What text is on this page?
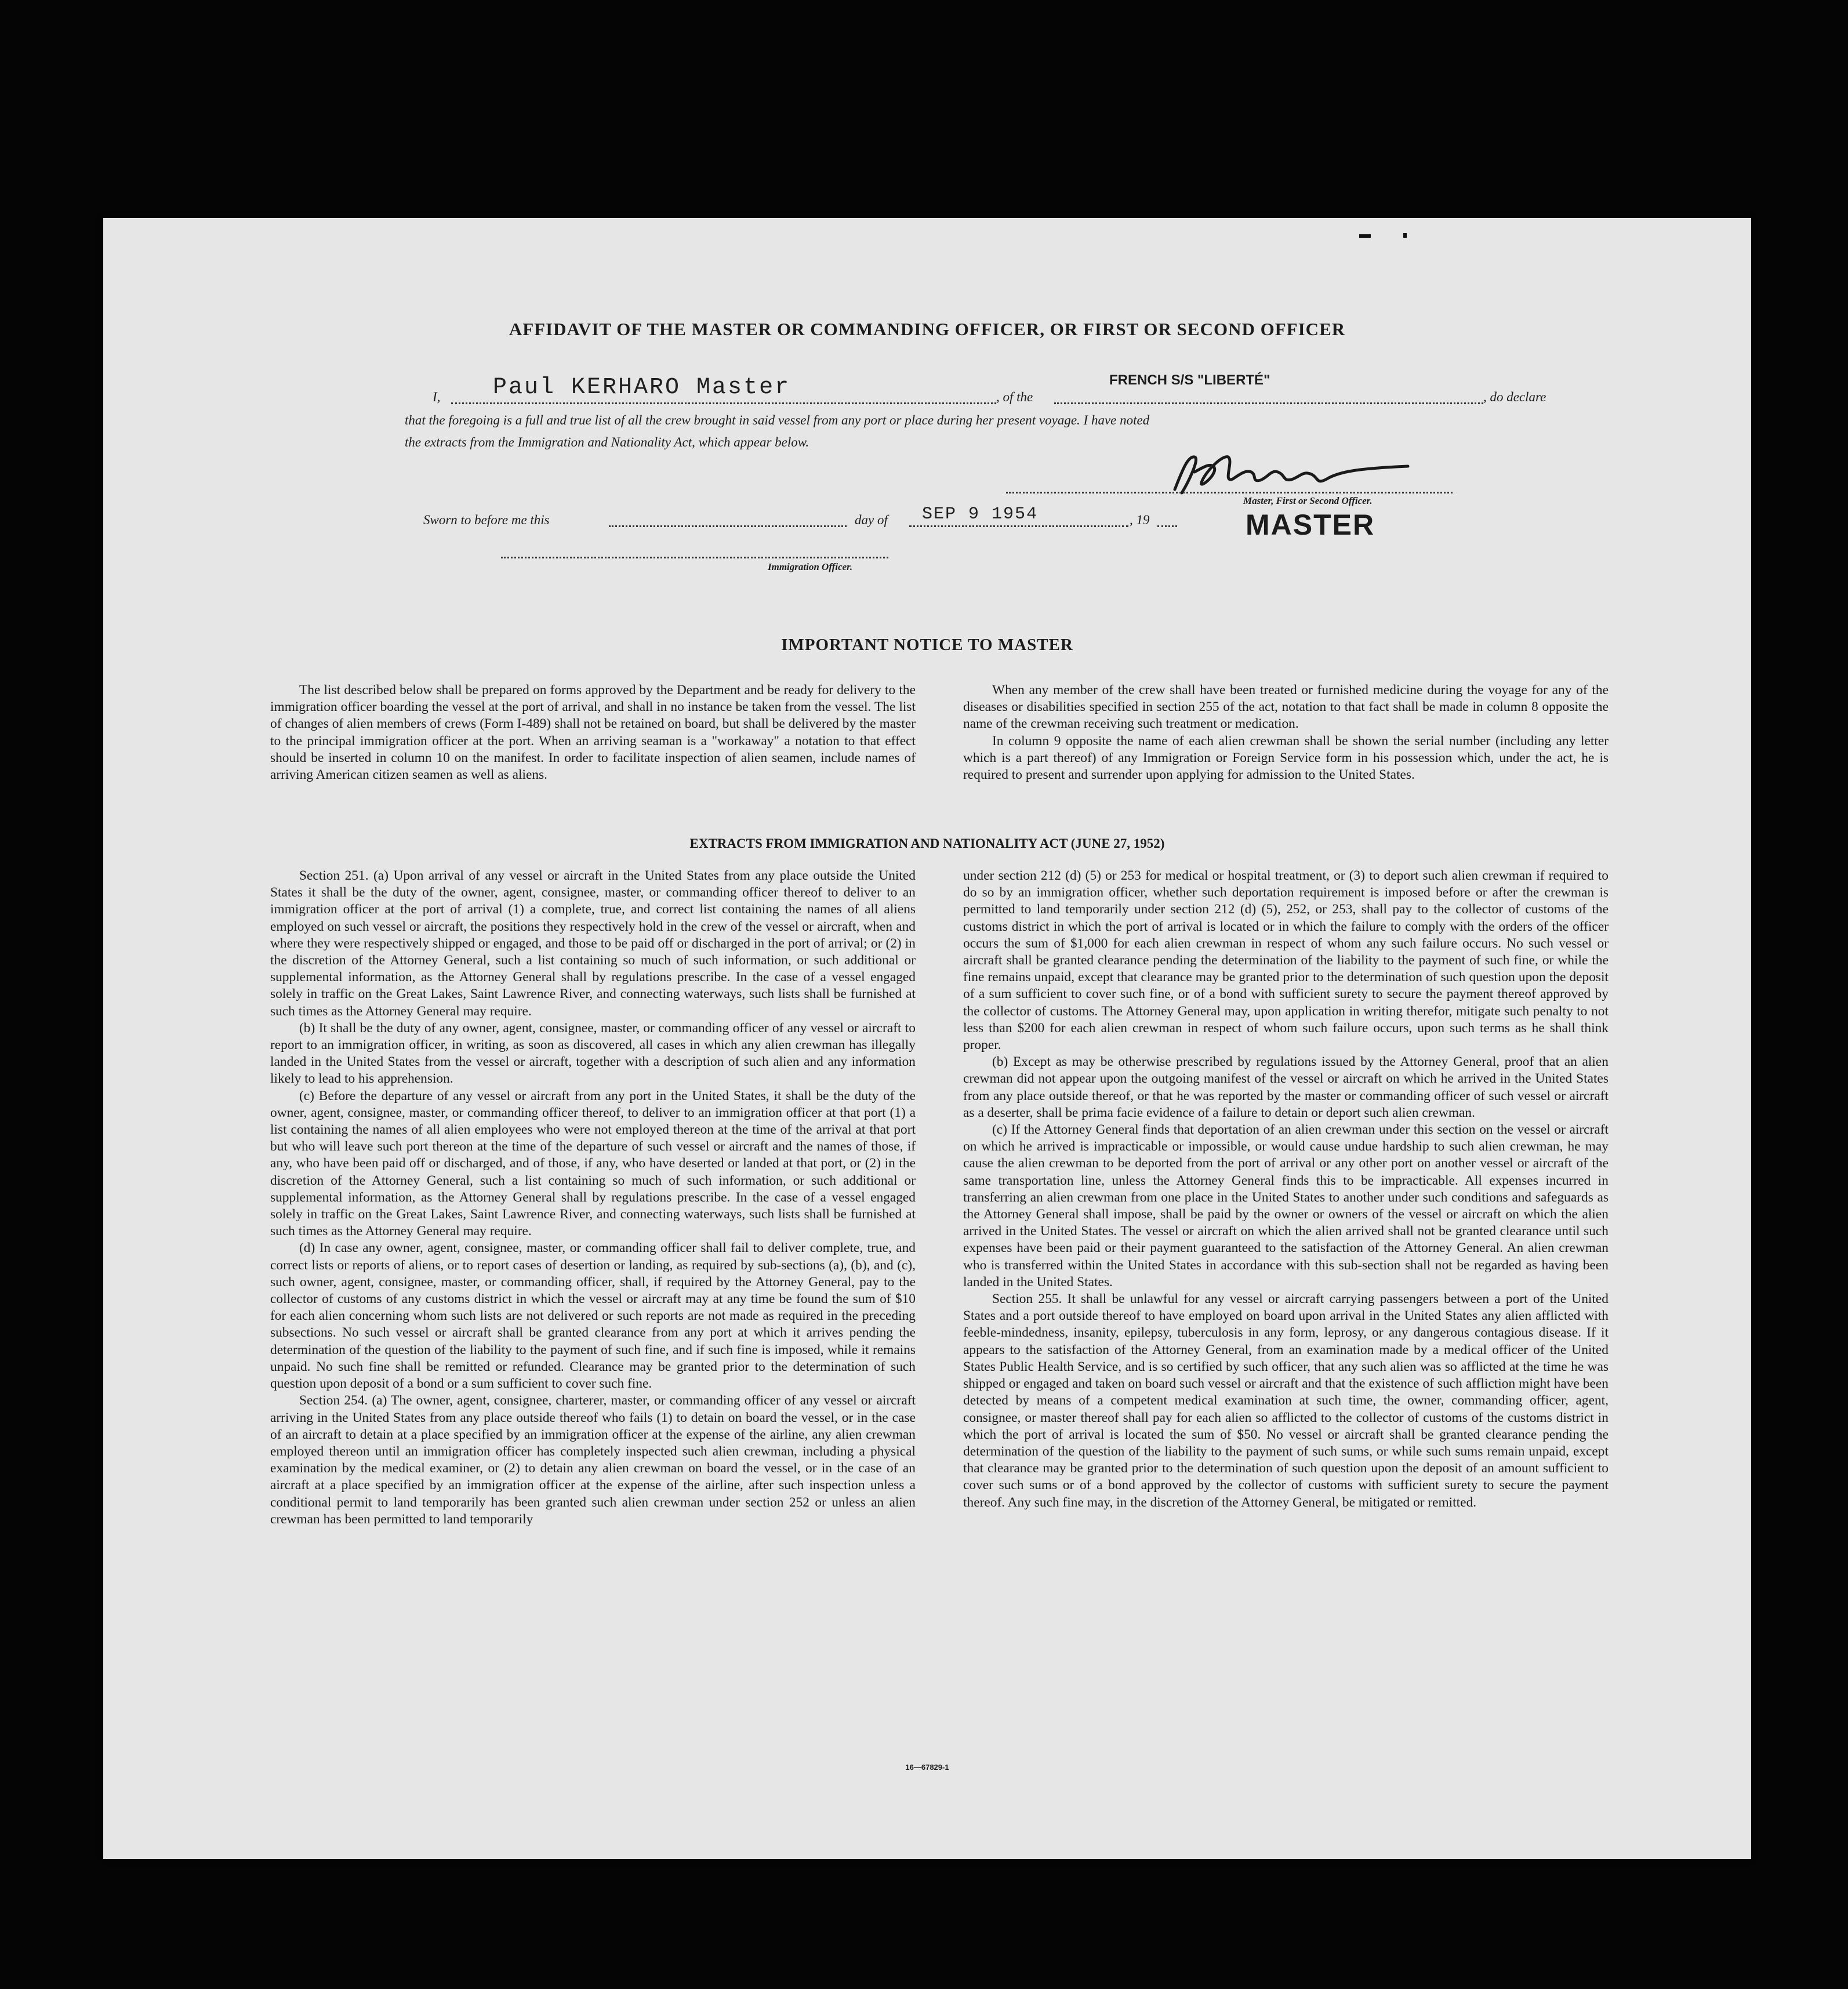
AFFIDAVIT OF THE MASTER OR COMMANDING OFFICER, OR FIRST OR SECOND OFFICER
I, Paul KERHARO Master	, of the
FRENCH S/S "LIBERTÉ"
, do declare
that the foregoing is a full and true list of all the crew brought in said vessel from any port or place during her present voyage. I have noted
the extracts from the Immigration and Nationality Act, which appear below.
Master, First or Second Officer.
MASTER
Sworn to before me this	day of SEP 9 1954	, 19
Immigration Officer.
IMPORTANT NOTICE TO MASTER

The list described below shall be prepared on forms approved by the Department and be ready for delivery to the immigration officer boarding the vessel at the port of arrival, and shall in no instance be taken from the vessel. The list of changes of alien members of crews (Form I-489) shall not be retained on board, but shall be delivered by the master to the principal immigration officer at the port. When an arriving seaman is a "workaway" a notation to that effect should be inserted in column 10 on the manifest. In order to facilitate inspection of alien seamen, include names of arriving American citizen seamen as well as aliens.

When any member of the crew shall have been treated or furnished medicine during the voyage for any of the diseases or disabilities specified in section 255 of the act, notation to that fact shall be made in column 8 opposite the name of the crewman receiving such treatment or medication.

In column 9 opposite the name of each alien crewman shall be shown the serial number (including any letter which is a part thereof) of any Immigration or Foreign Service form in his possession which, under the act, he is required to present and surrender upon applying for admission to the United States.

EXTRACTS FROM IMMIGRATION AND NATIONALITY ACT (JUNE 27, 1952)

Section 251. (a) Upon arrival of any vessel or aircraft in the United States from any place outside the United States it shall be the duty of the owner, agent, consignee, master, or commanding officer thereof to deliver to an immigration officer at the port of arrival (1) a complete, true, and correct list containing the names of all aliens employed on such vessel or aircraft, the positions they respectively hold in the crew of the vessel or aircraft, when and where they were respectively shipped or engaged, and those to be paid off or discharged in the port of arrival; or (2) in the discretion of the Attorney General, such a list containing so much of such information, or such additional or supplemental information, as the Attorney General shall by regulations prescribe. In the case of a vessel engaged solely in traffic on the Great Lakes, Saint Lawrence River, and connecting waterways, such lists shall be furnished at such times as the Attorney General may require.

(b) It shall be the duty of any owner, agent, consignee, master, or commanding officer of any vessel or aircraft to report to an immigration officer, in writing, as soon as discovered, all cases in which any alien crewman has illegally landed in the United States from the vessel or aircraft, together with a description of such alien and any information likely to lead to his apprehension.

(c) Before the departure of any vessel or aircraft from any port in the United States, it shall be the duty of the owner, agent, consignee, master, or commanding officer thereof, to deliver to an immigration officer at that port (1) a list containing the names of all alien employees who were not employed thereon at the time of the arrival at that port but who will leave such port thereon at the time of the departure of such vessel or aircraft and the names of those, if any, who have been paid off or discharged, and of those, if any, who have deserted or landed at that port, or (2) in the discretion of the Attorney General, such a list containing so much of such information, or such additional or supplemental information, as the Attorney General shall by regulations prescribe. In the case of a vessel engaged solely in traffic on the Great Lakes, Saint Lawrence River, and connecting waterways, such lists shall be furnished at such times as the Attorney General may require.

(d) In case any owner, agent, consignee, master, or commanding officer shall fail to deliver complete, true, and correct lists or reports of aliens, or to report cases of desertion or landing, as required by sub-sections (a), (b), and (c), such owner, agent, consignee, master, or commanding officer, shall, if required by the Attorney General, pay to the collector of customs of any customs district in which the vessel or aircraft may at any time be found the sum of $10 for each alien concerning whom such lists are not delivered or such reports are not made as required in the preceding subsections. No such vessel or aircraft shall be granted clearance from any port at which it arrives pending the determination of the question of the liability to the payment of such fine, and if such fine is imposed, while it remains unpaid. No such fine shall be remitted or refunded. Clearance may be granted prior to the determination of such question upon deposit of a bond or a sum sufficient to cover such fine.

Section 254. (a) The owner, agent, consignee, charterer, master, or commanding officer of any vessel or aircraft arriving in the United States from any place outside thereof who fails (1) to detain on board the vessel, or in the case of an aircraft to detain at a place specified by an immigration officer at the expense of the airline, any alien crewman employed thereon until an immigration officer has completely inspected such alien crewman, including a physical examination by the medical examiner, or (2) to detain any alien crewman on board the vessel, or in the case of an aircraft at a place specified by an immigration officer at the expense of the airline, after such inspection unless a conditional permit to land temporarily has been granted such alien crewman under section 252 or unless an alien crewman has been permitted to land temporarily

under section 212 (d) (5) or 253 for medical or hospital treatment, or (3) to deport such alien crewman if required to do so by an immigration officer, whether such deportation requirement is imposed before or after the crewman is permitted to land temporarily under section 212 (d) (5), 252, or 253, shall pay to the collector of customs of the customs district in which the port of arrival is located or in which the failure to comply with the orders of the officer occurs the sum of $1,000 for each alien crewman in respect of whom any such failure occurs. No such vessel or aircraft shall be granted clearance pending the determination of the liability to the payment of such fine, or while the fine remains unpaid, except that clearance may be granted prior to the determination of such question upon the deposit of a sum sufficient to cover such fine, or of a bond with sufficient surety to secure the payment thereof approved by the collector of customs. The Attorney General may, upon application in writing therefor, mitigate such penalty to not less than $200 for each alien crewman in respect of whom such failure occurs, upon such terms as he shall think proper.

(b) Except as may be otherwise prescribed by regulations issued by the Attorney General, proof that an alien crewman did not appear upon the outgoing manifest of the vessel or aircraft on which he arrived in the United States from any place outside thereof, or that he was reported by the master or commanding officer of such vessel or aircraft as a deserter, shall be prima facie evidence of a failure to detain or deport such alien crewman.

(c) If the Attorney General finds that deportation of an alien crewman under this section on the vessel or aircraft on which he arrived is impracticable or impossible, or would cause undue hardship to such alien crewman, he may cause the alien crewman to be deported from the port of arrival or any other port on another vessel or aircraft of the same transportation line, unless the Attorney General finds this to be impracticable. All expenses incurred in transferring an alien crewman from one place in the United States to another under such conditions and safeguards as the Attorney General shall impose, shall be paid by the owner or owners of the vessel or aircraft on which the alien arrived in the United States. The vessel or aircraft on which the alien arrived shall not be granted clearance until such expenses have been paid or their payment guaranteed to the satisfaction of the Attorney General. An alien crewman who is transferred within the United States in accordance with this sub-section shall not be regarded as having been landed in the United States.

Section 255. It shall be unlawful for any vessel or aircraft carrying passengers between a port of the United States and a port outside thereof to have employed on board upon arrival in the United States any alien afflicted with feeble-mindedness, insanity, epilepsy, tuberculosis in any form, leprosy, or any dangerous contagious disease. If it appears to the satisfaction of the Attorney General, from an examination made by a medical officer of the United States Public Health Service, and is so certified by such officer, that any such alien was so afflicted at the time he was shipped or engaged and taken on board such vessel or aircraft and that the existence of such affliction might have been detected by means of a competent medical examination at such time, the owner, commanding officer, agent, consignee, or master thereof shall pay for each alien so afflicted to the collector of customs of the customs district in which the port of arrival is located the sum of $50. No vessel or aircraft shall be granted clearance pending the determination of the question of the liability to the payment of such sums, or while such sums remain unpaid, except that clearance may be granted prior to the determination of such question upon the deposit of an amount sufficient to cover such sums or of a bond approved by the collector of customs with sufficient surety to secure the payment thereof. Any such fine may, in the discretion of the Attorney General, be mitigated or remitted.

16—67829-1
